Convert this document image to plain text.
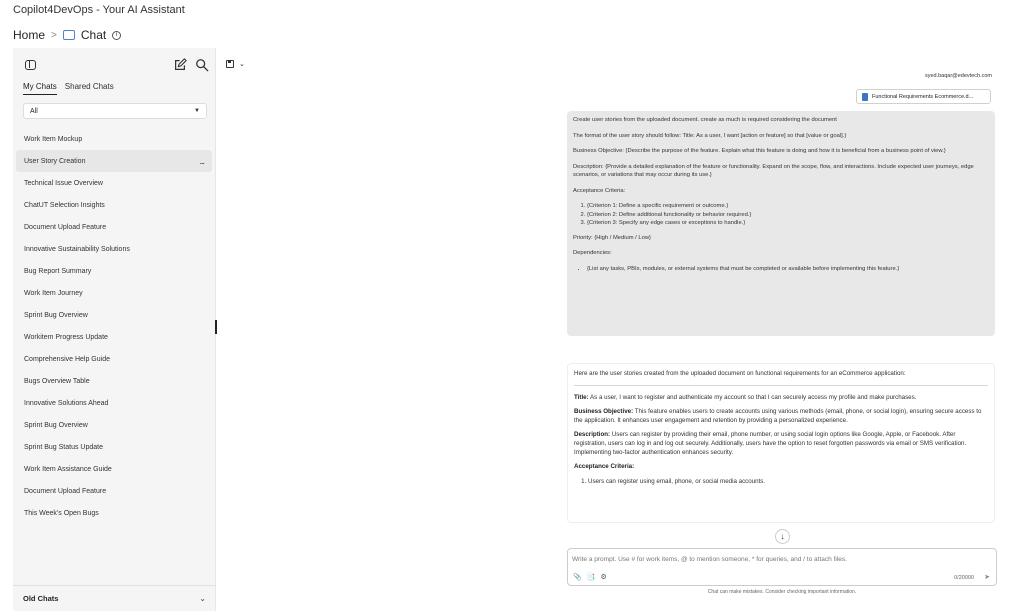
Copilot4DevOps - Your AI Assistant
Home > Chat	i
My Chats Shared Chats
All	▼
Work Item Mockup
User Story Creation	...
Technical Issue Overview
ChatUT Selection Insights
Document Upload Feature
Innovative Sustainability Solutions
Bug Report Summary
Work Item Journey
Sprint Bug Overview
Workitem Progress Update
Comprehensive Help Guide
Bugs Overview Table
Innovative Solutions Ahead
Sprint Bug Overview
Sprint Bug Status Update
Work Item Assistance Guide
Document Upload Feature
This Week's Open Bugs
Old Chats	⌄
⌄
syed.baqar@edevtech.com
Functional Requirements Ecommerce.d...

Create user stories from the uploaded document. create as much is required considering the document

The format of the user story should follow: Title: As a user, I want [action or feature] so that [value or goal].}

Business Objective: {Describe the purpose of the feature. Explain what this feature is doing and how it is beneficial from a business point of view.}

Description: {Provide a detailed explanation of the feature or functionality. Expand on the scope, flow, and interactions. Include expected user journeys, edge scenarios, or variations that may occur during its use.}

Acceptance Criteria:

1. {Criterion 1: Define a specific requirement or outcome.}
2. {Criterion 2: Define additional functionality or behavior required.}
3. {Criterion 3: Specify any edge cases or exceptions to handle.}

Priority: {High / Medium / Low}

Dependencies:

• {List any tasks, PBIs, modules, or external systems that must be completed or available before implementing this feature.}

Here are the user stories created from the uploaded document on functional requirements for an eCommerce application:

Title: As a user, I want to register and authenticate my account so that I can securely access my profile and make purchases.

Business Objective: This feature enables users to create accounts using various methods (email, phone, or social login), ensuring secure access to the application. It enhances user engagement and retention by providing a personalized experience.

Description: Users can register by providing their email, phone number, or using social login options like Google, Apple, or Facebook. After registration, users can log in and log out securely. Additionally, users have the option to reset forgotten passwords via email or SMS verification. Implementing two-factor authentication enhances security.

Acceptance Criteria:

1. Users can register using email, phone, or social media accounts.
↓
Write a prompt. Use # for work items, @ to mention someone, * for queries, and / to attach files.
📎 📑 ⚙	0/20000 ➤
Chat can make mistakes. Consider checking important information.
